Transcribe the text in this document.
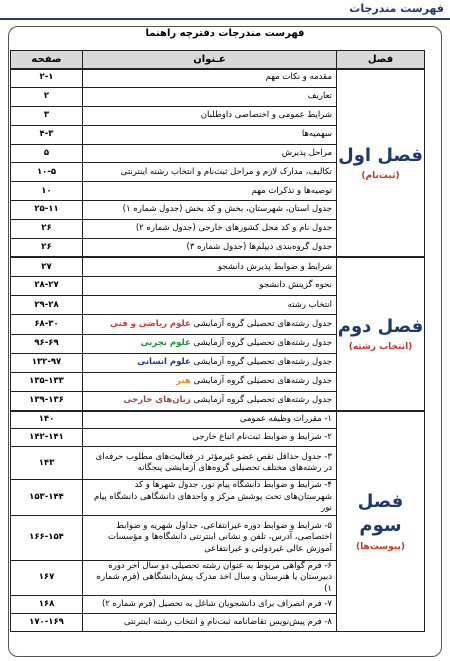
فهرست مندرجات
فهرست مندرجات دفترچه راهنما
فصل	عـنوان	صفحه

فصل اول
(ثبت‌نام)	مقدمه و نکات مهم	۲-۱
	تعاریف	۲
	شرایط عمومی و اختصاصی داوطلبان	۳
	سهمیه‌ها	۴-۳
	مراحل پذیرش	۵
	تکالیف، مدارک لازم و مراحل ثبت‌نام و انتخاب رشته اینترنتی	۱۰-۵
	توصیه‌ها و تذکرات مهم	۱۰
	جدول استان، شهرستان، بخش و کد بخش (جدول شماره ۱)	۲۵-۱۱
	جدول نام و کد محل کشورهای خارجی (جدول شماره ۲)	۲۶
	جدول گروه‌بندی دیپلم‌ها (جدول شماره ۳)	۲۶

فصل دوم
(انتخاب رشته)	شرایط و ضوابط پذیرش دانشجو	۲۷
	نحوه گزینش دانشجو	۲۸-۲۷
	انتخاب رشته	۲۹-۲۸
	جدول رشته‌های تحصیلی گروه آزمایشی علوم ریاضی و فنی	۶۸-۳۰
	جدول رشته‌های تحصیلی گروه آزمایشی علوم تجربی	۹۶-۶۹
	جدول رشته‌های تحصیلی گروه آزمایشی علوم انسانی	۱۳۲-۹۷
	جدول رشته‌های تحصیلی گروه آزمایشی هنر	۱۳۵-۱۳۳
	جدول رشته‌های تحصیلی گروه آزمایشی زبان‌های خارجی	۱۳۹-۱۳۶

فصل سوم
(پیوست‌ها)	۱- مقررات وظیفه عمومی	۱۴۰
	۲- شرایط و ضوابط ثبت‌نام اتباع خارجی	۱۴۲-۱۴۱
	۳- جدول حداقل نقص عضو غیرمؤثر در فعالیت‌های مطلوب حرفه‌ای در رشته‌های مختلف تحصیلی گروه‌های آزمایشی پنجگانه	۱۴۳
	۴- شرایط و ضوابط دانشگاه پیام نور، جدول شهرها و کد شهرستان‌های تحت پوشش مرکز و واحدهای دانشگاهی دانشگاه پیام نور	۱۵۳-۱۴۴
	۵- شرایط و ضوابط دوره غیرانتفاعی، جداول شهریه و ضوابط اختصاصی، آدرس، تلفن و نشانی اینترنتی دانشگاه‌ها و مؤسسات آموزش عالی غیردولتی و غیرانتفاعی	۱۶۶-۱۵۴
	۶- فرم گواهی مربوط به عنوان رشته تحصیلی دو سال آخر دوره دبیرستان یا هنرستان و سال اخذ مدرک پیش‌دانشگاهی (فرم شماره ۱)	۱۶۷
	۷- فرم انصراف برای دانشجویان شاغل به تحصیل (فرم شماره ۲)	۱۶۸
	۸- فرم پیش‌نویس تقاضانامه ثبت‌نام و انتخاب رشته اینترنتی	۱۷۰-۱۶۹
